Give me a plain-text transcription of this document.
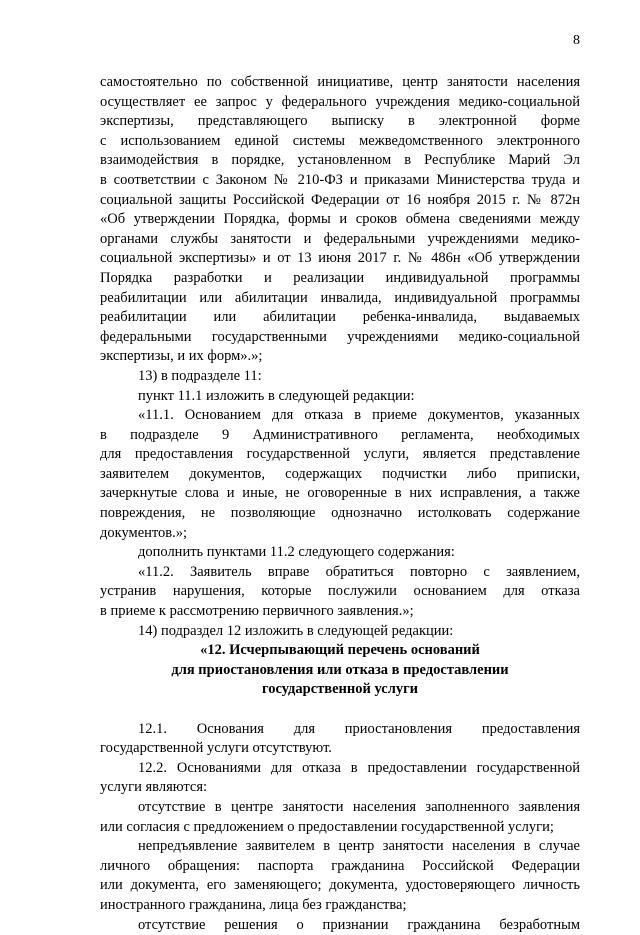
8
самостоятельно по собственной инициативе, центр занятости населения
осуществляет ее запрос у федерального учреждения медико-социальной
экспертизы, представляющего выписку в электронной форме
с использованием единой системы межведомственного электронного
взаимодействия в порядке, установленном в Республике Марий Эл
в соответствии с Законом № 210-ФЗ и приказами Министерства труда и
социальной защиты Российской Федерации от 16 ноября 2015 г. № 872н
«Об утверждении Порядка, формы и сроков обмена сведениями между
органами службы занятости и федеральными учреждениями медико-
социальной экспертизы» и от 13 июня 2017 г. № 486н «Об утверждении
Порядка разработки и реализации индивидуальной программы
реабилитации или абилитации инвалида, индивидуальной программы
реабилитации или абилитации ребенка-инвалида, выдаваемых
федеральными государственными учреждениями медико-социальной
экспертизы, и их форм».»;
13) в подразделе 11:
пункт 11.1 изложить в следующей редакции:
«11.1. Основанием для отказа в приеме документов, указанных
в подразделе 9 Административного регламента, необходимых
для предоставления государственной услуги, является представление
заявителем документов, содержащих подчистки либо приписки,
зачеркнутые слова и иные, не оговоренные в них исправления, а также
повреждения, не позволяющие однозначно истолковать содержание
документов.»;
дополнить пунктами 11.2 следующего содержания:
«11.2. Заявитель вправе обратиться повторно с заявлением,
устранив нарушения, которые послужили основанием для отказа
в приеме к рассмотрению первичного заявления.»;
14) подраздел 12 изложить в следующей редакции:
«12. Исчерпывающий перечень оснований
для приостановления или отказа в предоставлении
государственной услуги
12.1. Основания для приостановления предоставления
государственной услуги отсутствуют.
12.2. Основаниями для отказа в предоставлении государственной
услуги являются:
отсутствие в центре занятости населения заполненного заявления
или согласия с предложением о предоставлении государственной услуги;
непредъявление заявителем в центр занятости населения в случае
личного обращения: паспорта гражданина Российской Федерации
или документа, его заменяющего; документа, удостоверяющего личность
иностранного гражданина, лица без гражданства;
отсутствие решения о признании гражданина безработным
